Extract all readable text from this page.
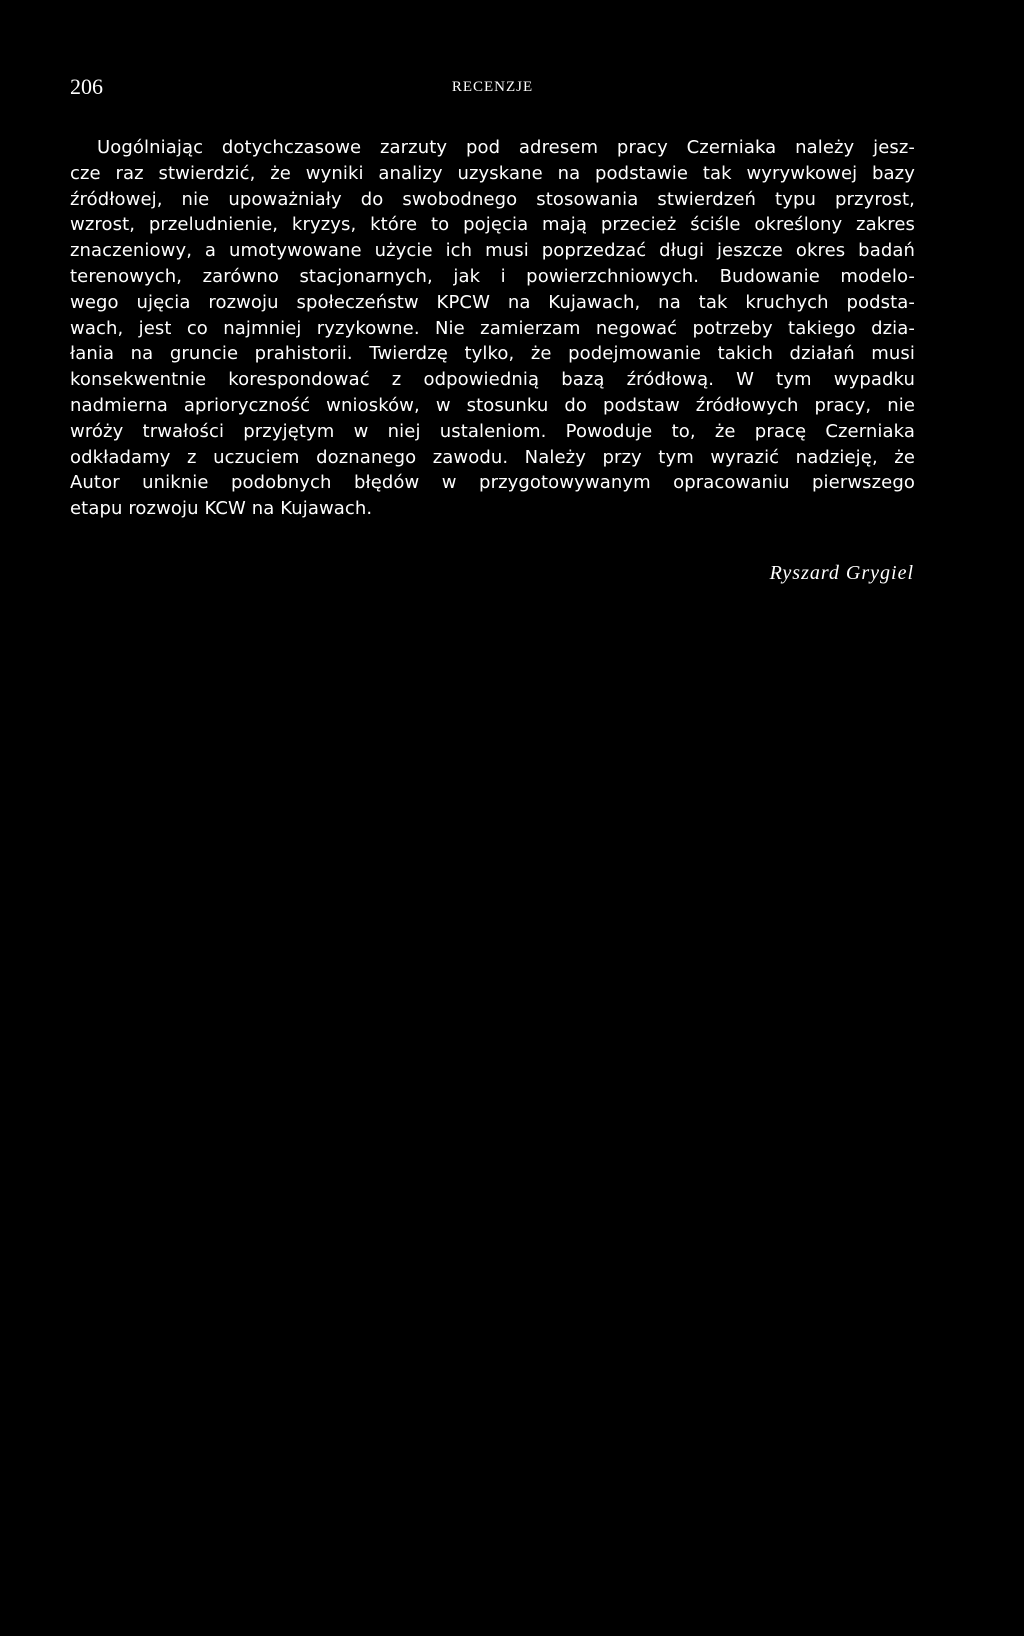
206	RECENZJE
Uogólniając dotychczasowe zarzuty pod adresem pracy Czerniaka należy jesz-
cze raz stwierdzić, że wyniki analizy uzyskane na podstawie tak wyrywkowej bazy
źródłowej, nie upoważniały do swobodnego stosowania stwierdzeń typu przyrost,
wzrost, przeludnienie, kryzys, które to pojęcia mają przecież ściśle określony zakres
znaczeniowy, a umotywowane użycie ich musi poprzedzać długi jeszcze okres badań
terenowych, zarówno stacjonarnych, jak i powierzchniowych. Budowanie modelo-
wego ujęcia rozwoju społeczeństw KPCW na Kujawach, na tak kruchych podsta-
wach, jest co najmniej ryzykowne. Nie zamierzam negować potrzeby takiego dzia-
łania na gruncie prahistorii. Twierdzę tylko, że podejmowanie takich działań musi
konsekwentnie korespondować z odpowiednią bazą źródłową. W tym wypadku
nadmierna aprioryczność wniosków, w stosunku do podstaw źródłowych pracy, nie
wróży trwałości przyjętym w niej ustaleniom. Powoduje to, że pracę Czerniaka
odkładamy z uczuciem doznanego zawodu. Należy przy tym wyrazić nadzieję, że
Autor uniknie podobnych błędów w przygotowywanym opracowaniu pierwszego
etapu rozwoju KCW na Kujawach.
Ryszard Grygiel
